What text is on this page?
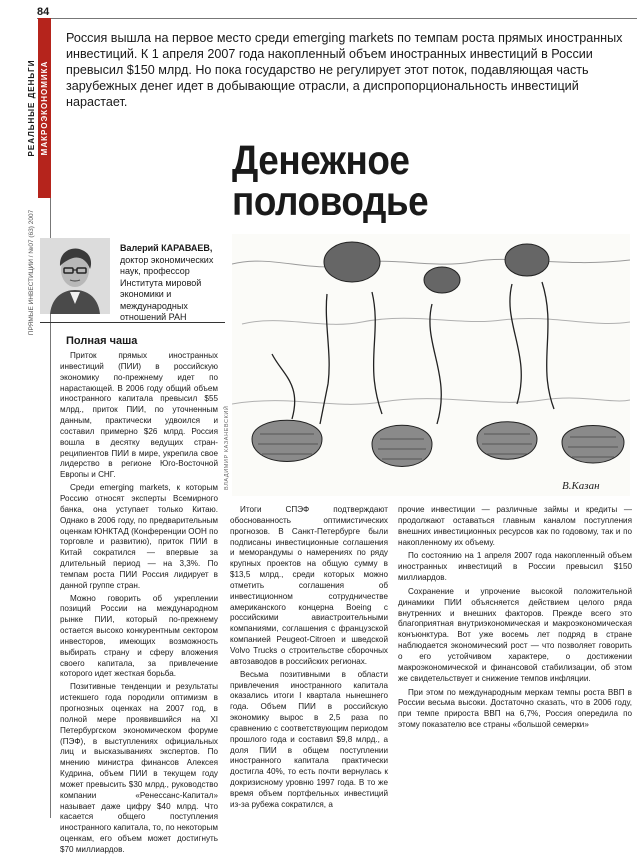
84
РЕАЛЬНЫЕ ДЕНЬГИ МАКРОЭКОНОМИКА
ПРЯМЫЕ ИНВЕСТИЦИИ / №07 (63) 2007

Россия вышла на первое место среди emerging markets по темпам роста прямых иностранных инвестиций. К 1 апреля 2007 года накопленный объем иностранных инвестиций в России превысил $150 млрд. Но пока государство не регулирует этот поток, подавляющая часть зарубежных денег идет в добывающие отрасли, а диспропорциональность инвестиций нарастает.

Денежное
половодье

Валерий КАРАВАЕВ,
доктор экономических наук, профессор Института мировой экономики и международных отношений РАН

В.Казан
ВЛАДИМИР КАЗАНЕВСКИЙ
Полная чаша

Приток прямых иностранных инвестиций (ПИИ) в российскую экономику по-прежнему идет по нарастающей. В 2006 году общий объем иностранного капитала превысил $55 млрд., приток ПИИ, по уточненным данным, практически удвоился и составил примерно $26 млрд. Россия вошла в десятку ведущих стран-реципиентов ПИИ в мире, укрепила свое лидерство в регионе Юго-Восточной Европы и СНГ.

Среди emerging markets, к которым Россию относят эксперты Всемирного банка, она уступает только Китаю. Однако в 2006 году, по предварительным оценкам ЮНКТАД (Конференции ООН по торговле и развитию), приток ПИИ в Китай сократился — впервые за длительный период — на 3,3%. По темпам роста ПИИ Россия лидирует в данной группе стран.

Можно говорить об укреплении позиций России на международном рынке ПИИ, который по-прежнему остается высоко конкурентным сектором инвесторов, имеющих возможность выбирать страну и сферу вложения своего капитала, за привлечение которого идет жесткая борьба.

Позитивные тенденции и результаты истекшего года породили оптимизм в прогнозных оценках на 2007 год, в полной мере проявившийся на XI Петербургском экономическом форуме (ПЭФ), в выступлениях официальных лиц и высказываниях экспертов. По мнению министра финансов Алексея Кудрина, объем ПИИ в текущем году может превысить $30 млрд., руководство компании «Ренессанс-Капитал» называет даже цифру $40 млрд. Что касается общего поступления иностранного капитала, то, по некоторым оценкам, его объем может достигнуть $70 миллиардов.

Итоги СПЭФ подтверждают обоснованность оптимистических прогнозов. В Санкт-Петербурге были подписаны инвестиционные соглашения и меморандумы о намерениях по ряду крупных проектов на общую сумму в $13,5 млрд., среди которых можно отметить соглашения об инвестиционном сотрудничестве американского концерна Boeing с российскими авиастроительными компаниями, соглашения с французской компанией Peugeot-Citroen и шведской Volvo Trucks о строительстве сборочных автозаводов в российских регионах.

Весьма позитивными в области привлечения иностранного капитала оказались итоги I квартала нынешнего года. Объем ПИИ в российскую экономику вырос в 2,5 раза по сравнению с соответствующим периодом прошлого года и составил $9,8 млрд., а доля ПИИ в общем поступлении иностранного капитала практически достигла 40%, то есть почти вернулась к докризисному уровню 1997 года. В то же время объем портфельных инвестиций из-за рубежа сократился, а

прочие инвестиции — различные займы и кредиты — продолжают оставаться главным каналом поступления внешних инвестиционных ресурсов как по годовому, так и по накопленному их объему.

По состоянию на 1 апреля 2007 года накопленный объем иностранных инвестиций в России превысил $150 миллиардов.

Сохранение и упрочение высокой положительной динамики ПИИ объясняется действием целого ряда внутренних и внешних факторов. Прежде всего это благоприятная внутриэкономическая и макроэкономическая конъюнктура. Вот уже восемь лет подряд в стране наблюдается экономический рост — что позволяет говорить о его устойчивом характере, о достижении макроэкономической и финансовой стабилизации, об этом же свидетельствует и снижение темпов инфляции.

При этом по международным меркам темпы роста ВВП в России весьма высоки. Достаточно сказать, что в 2006 году, при темпе прироста ВВП на 6,7%, Россия опередила по этому показателю все страны «большой семерки»
